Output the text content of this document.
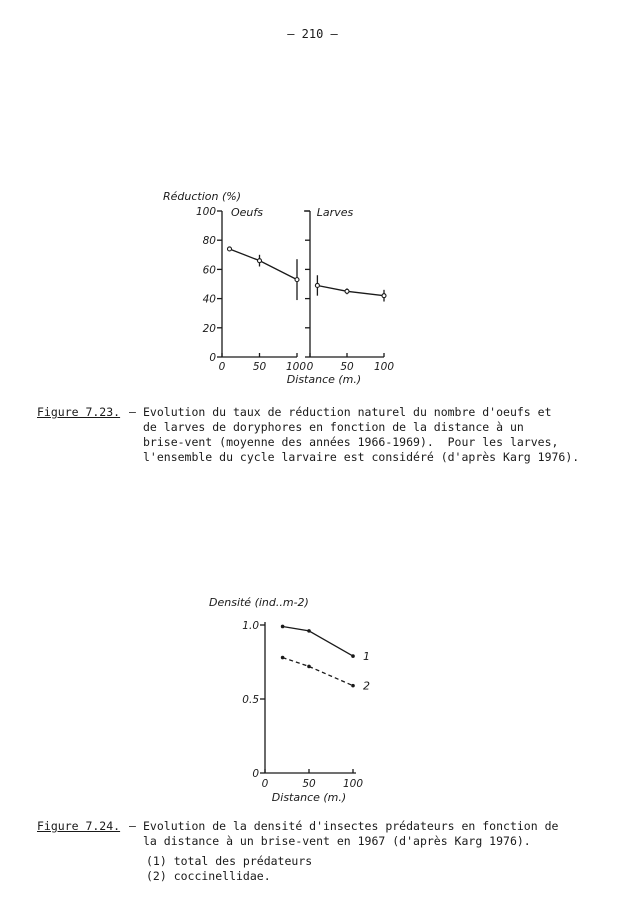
– 210 –
Réduction (%)
0
20
40
60
80
100
0	50 100
Oeufs
0	50 100
Larves
Distance (m.)
Figure 7.23. – Evolution du taux de réduction naturel du nombre d'oeufs et
de larves de doryphores en fonction de la distance à un
brise-vent (moyenne des années 1966-1969).  Pour les larves,
l'ensemble du cycle larvaire est considéré (d'après Karg 1976).
Densité (ind..m-2)
0
0.5
1.0
0	50	100
1
2
Distance (m.)
Figure 7.24. – Evolution de la densité d'insectes prédateurs en fonction de
la distance à un brise-vent en 1967 (d'après Karg 1976).
(1) total des prédateurs
(2) coccinellidae.
